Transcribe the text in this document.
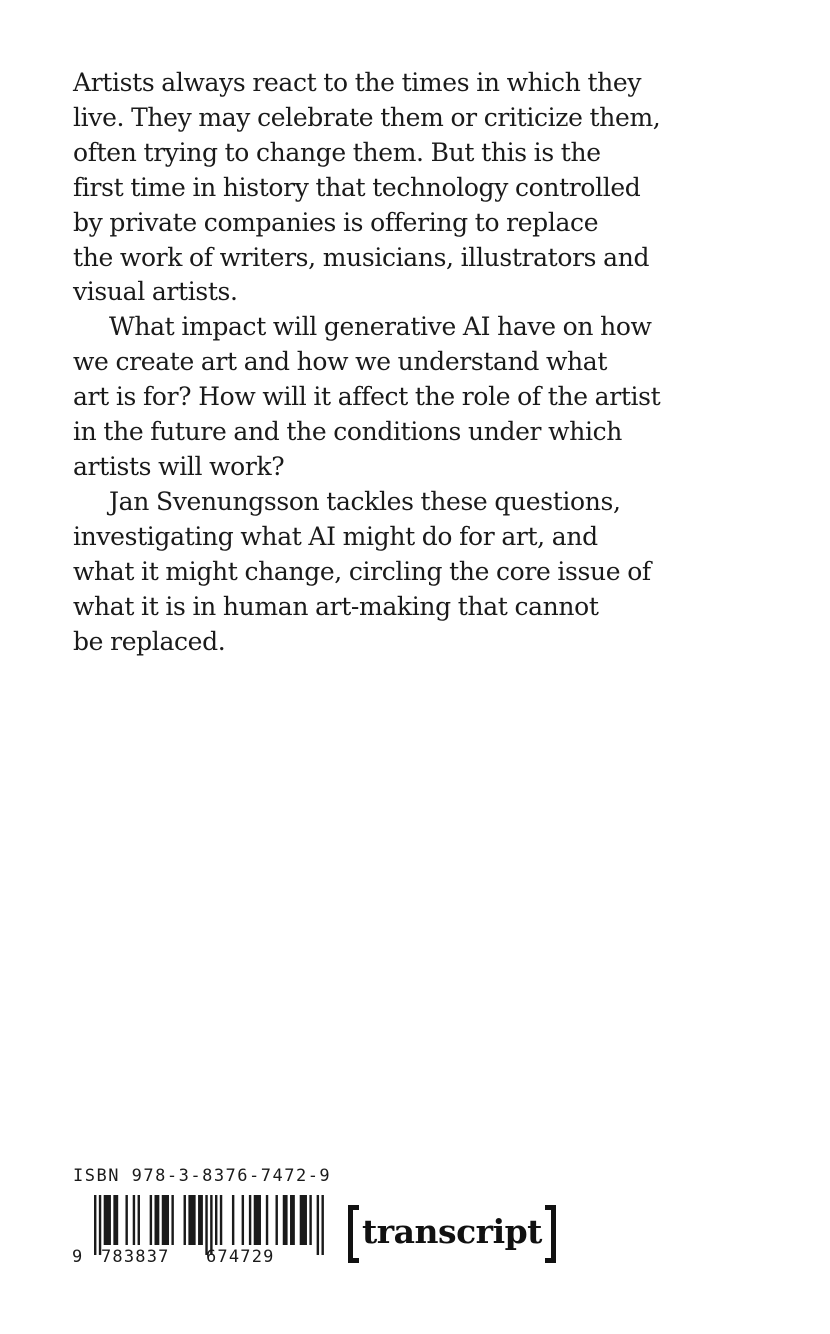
Artists always react to the times in which they
live. They may celebrate them or criticize them,
often trying to change them. But this is the
first time in history that technology controlled
by private companies is offering to replace
the work of writers, musicians, illustrators and
visual artists.

What impact will generative AI have on how
we create art and how we understand what
art is for? How will it affect the role of the artist
in the future and the conditions under which
artists will work?

Jan Svenungsson tackles these questions,
investigating what AI might do for art, and
what it might change, circling the core issue of
what it is in human art-making that cannot
be replaced.

ISBN 978-3-8376-7472-9
9 783837 674729
transcript
